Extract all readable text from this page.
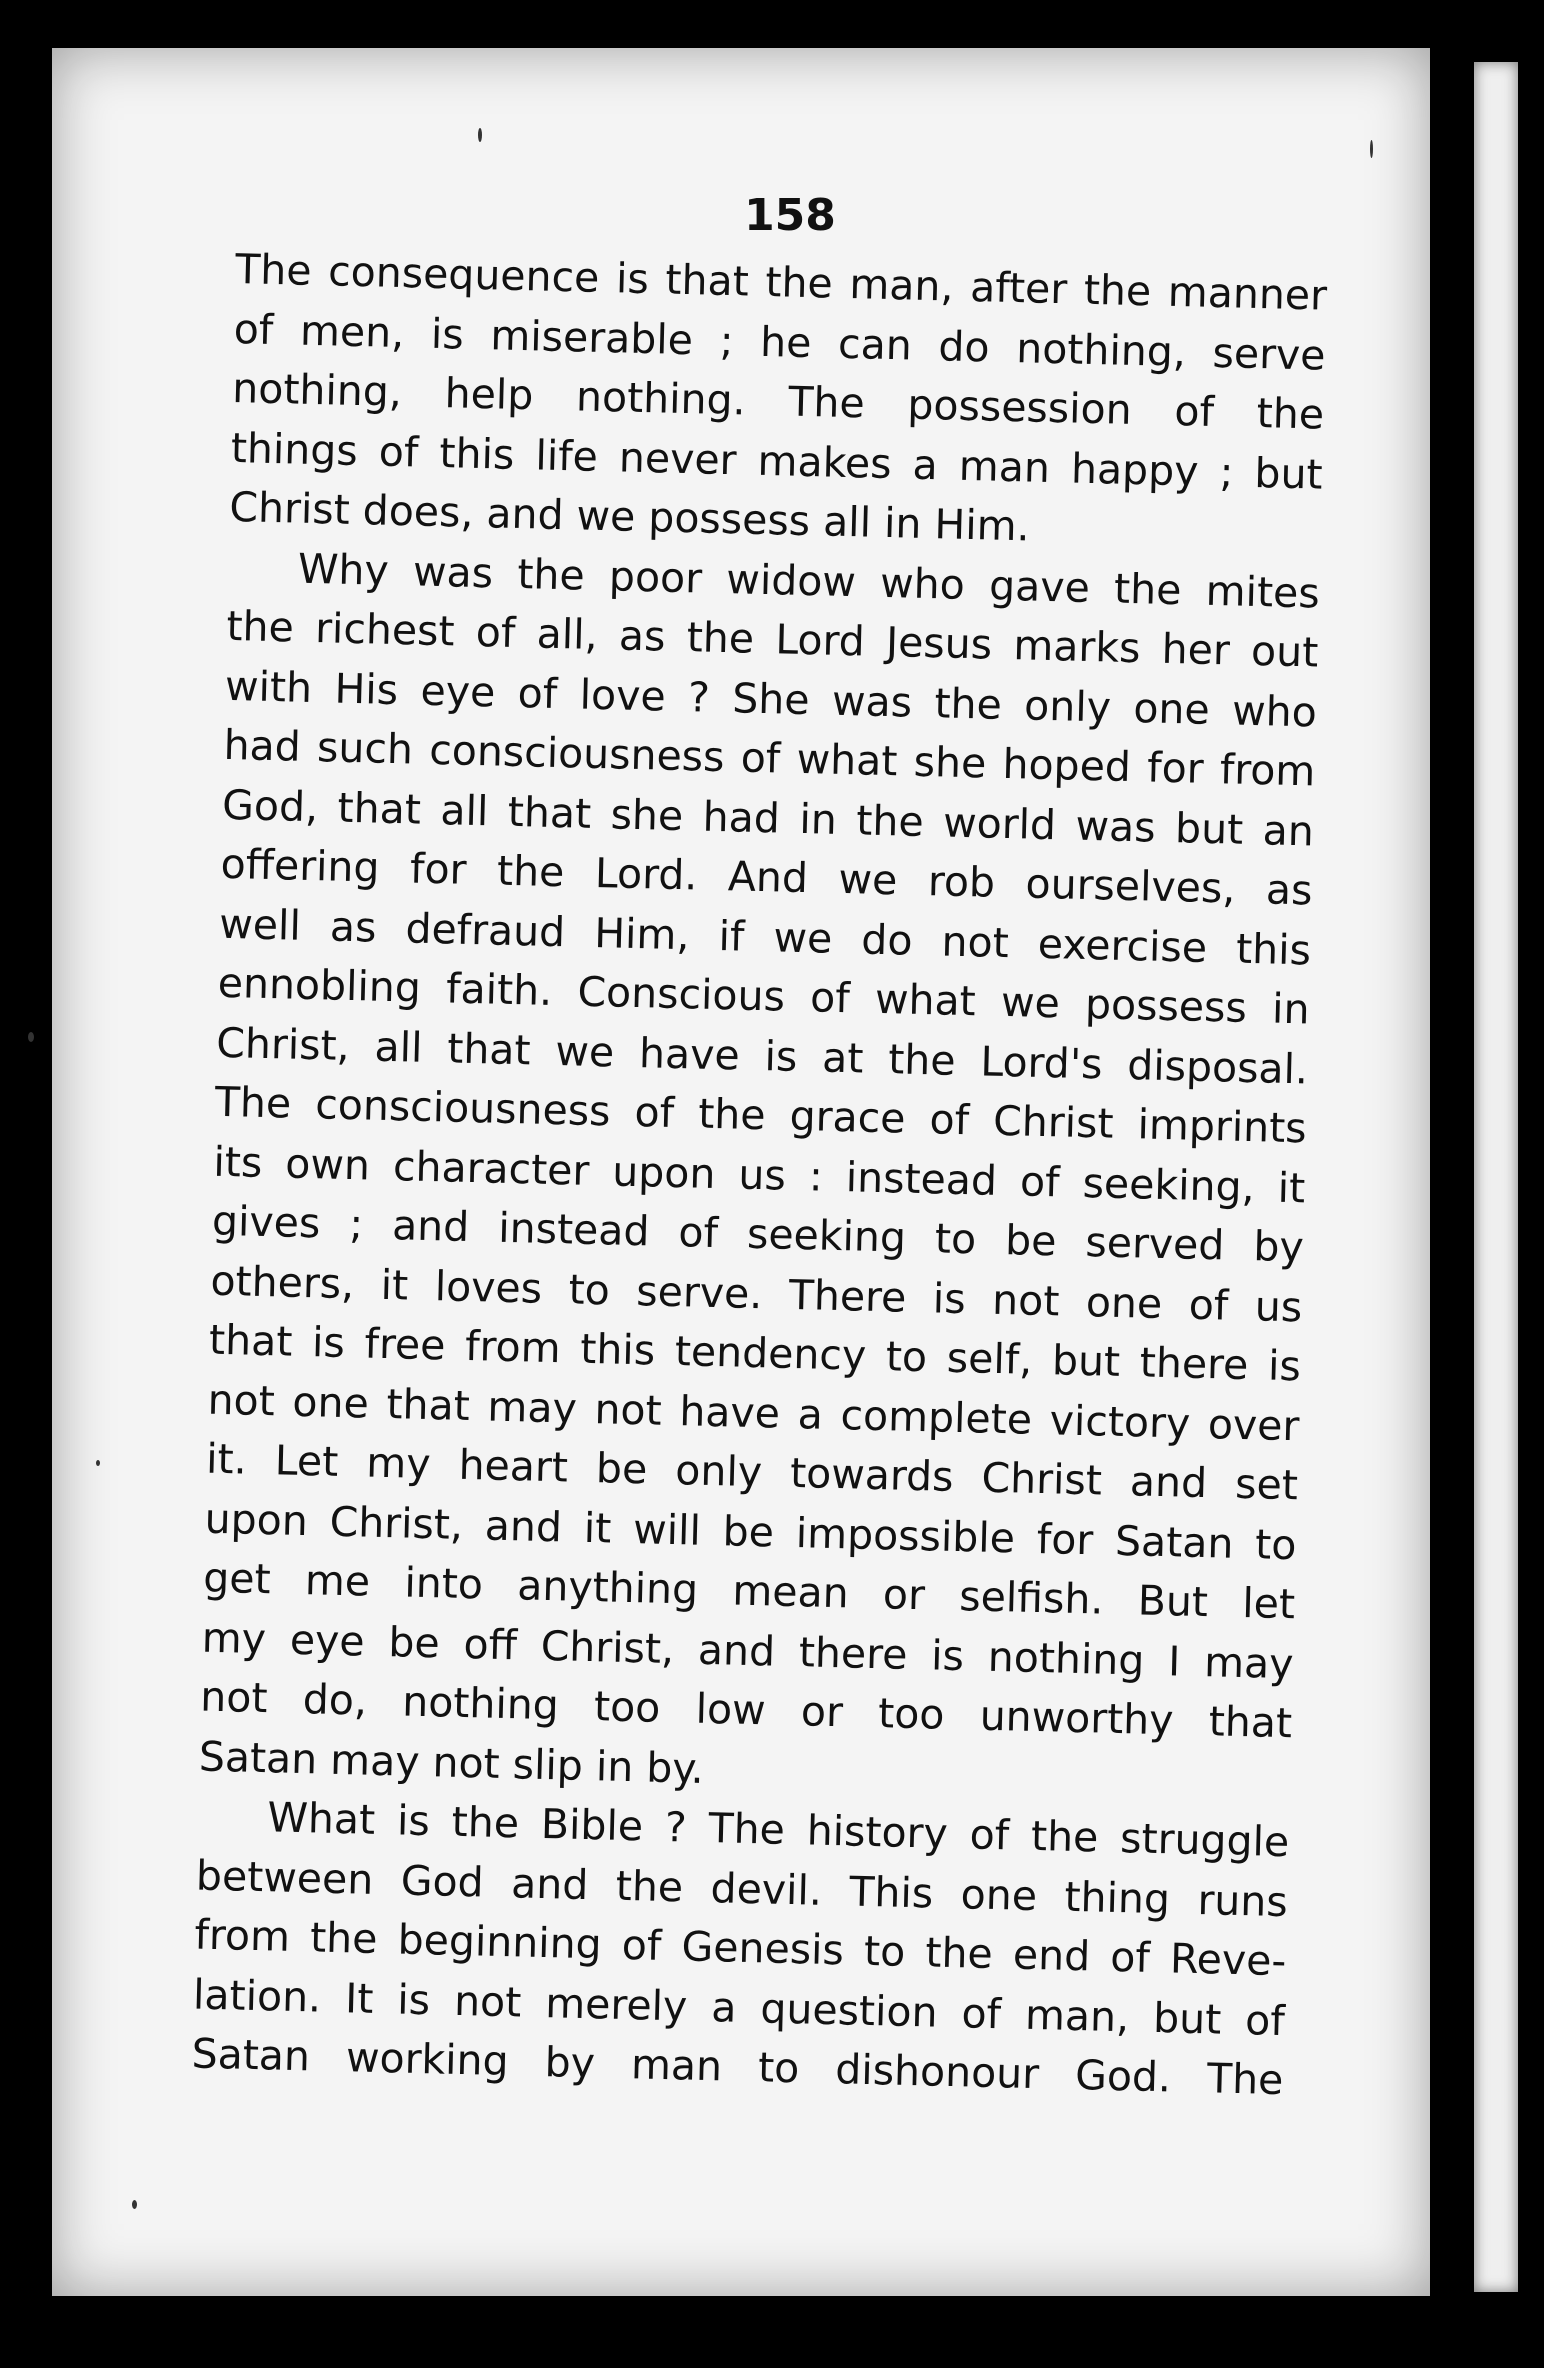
158
The consequence is that the man, after the manner
of men, is miserable ; he can do nothing, serve
nothing, help nothing. The possession of the
things of this life never makes a man happy ; but
Christ does, and we possess all in Him.
Why was the poor widow who gave the mites
the richest of all, as the Lord Jesus marks her out
with His eye of love ? She was the only one who
had such consciousness of what she hoped for from
God, that all that she had in the world was but an
offering for the Lord. And we rob ourselves, as
well as defraud Him, if we do not exercise this
ennobling faith. Conscious of what we possess in
Christ, all that we have is at the Lord's disposal.
The consciousness of the grace of Christ imprints
its own character upon us : instead of seeking, it
gives ; and instead of seeking to be served by
others, it loves to serve. There is not one of us
that is free from this tendency to self, but there is
not one that may not have a complete victory over
it. Let my heart be only towards Christ and set
upon Christ, and it will be impossible for Satan to
get me into anything mean or selfish. But let
my eye be off Christ, and there is nothing I may
not do, nothing too low or too unworthy that
Satan may not slip in by.
What is the Bible ? The history of the struggle
between God and the devil. This one thing runs
from the beginning of Genesis to the end of Reve-
lation. It is not merely a question of man, but of
Satan working by man to dishonour God. The
